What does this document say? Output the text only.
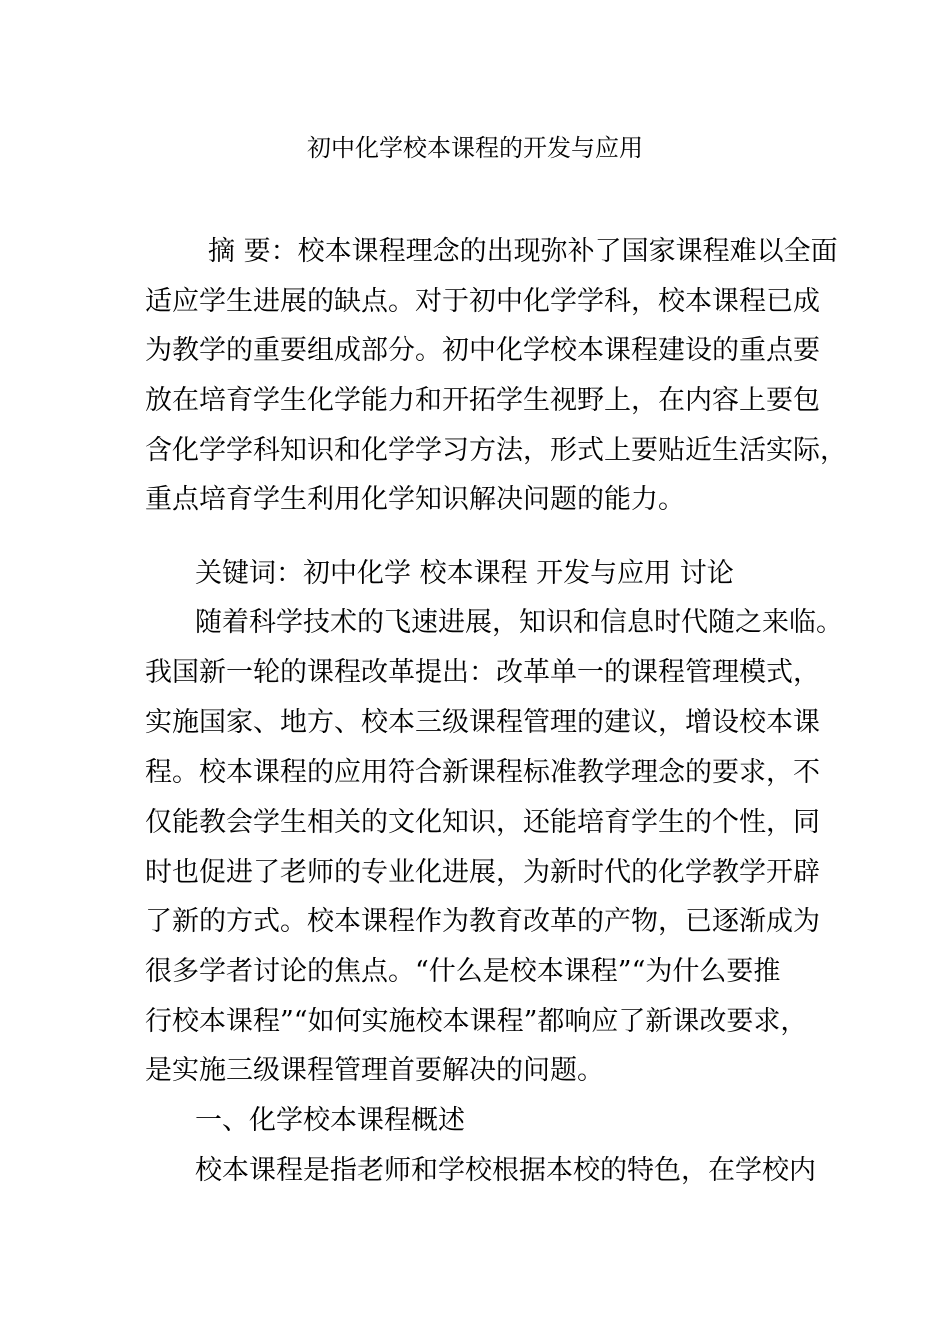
初中化学校本课程的开发与应用
摘 要：校本课程理念的出现弥补了国家课程难以全面
适应学生进展的缺点。对于初中化学学科，校本课程已成
为教学的重要组成部分。初中化学校本课程建设的重点要
放在培育学生化学能力和开拓学生视野上，在内容上要包
含化学学科知识和化学学习方法，形式上要贴近生活实际，
重点培育学生利用化学知识解决问题的能力。
关键词：初中化学 校本课程 开发与应用 讨论
随着科学技术的飞速进展，知识和信息时代随之来临。
我国新一轮的课程改革提出：改革单一的课程管理模式，
实施国家、地方、校本三级课程管理的建议，增设校本课
程。校本课程的应用符合新课程标准教学理念的要求，不
仅能教会学生相关的文化知识，还能培育学生的个性，同
时也促进了老师的专业化进展，为新时代的化学教学开辟
了新的方式。校本课程作为教育改革的产物，已逐渐成为
很多学者讨论的焦点。“什么是校本课程”“为什么要推
行校本课程”“如何实施校本课程”都响应了新课改要求，
是实施三级课程管理首要解决的问题。
一、化学校本课程概述
校本课程是指老师和学校根据本校的特色，在学校内
